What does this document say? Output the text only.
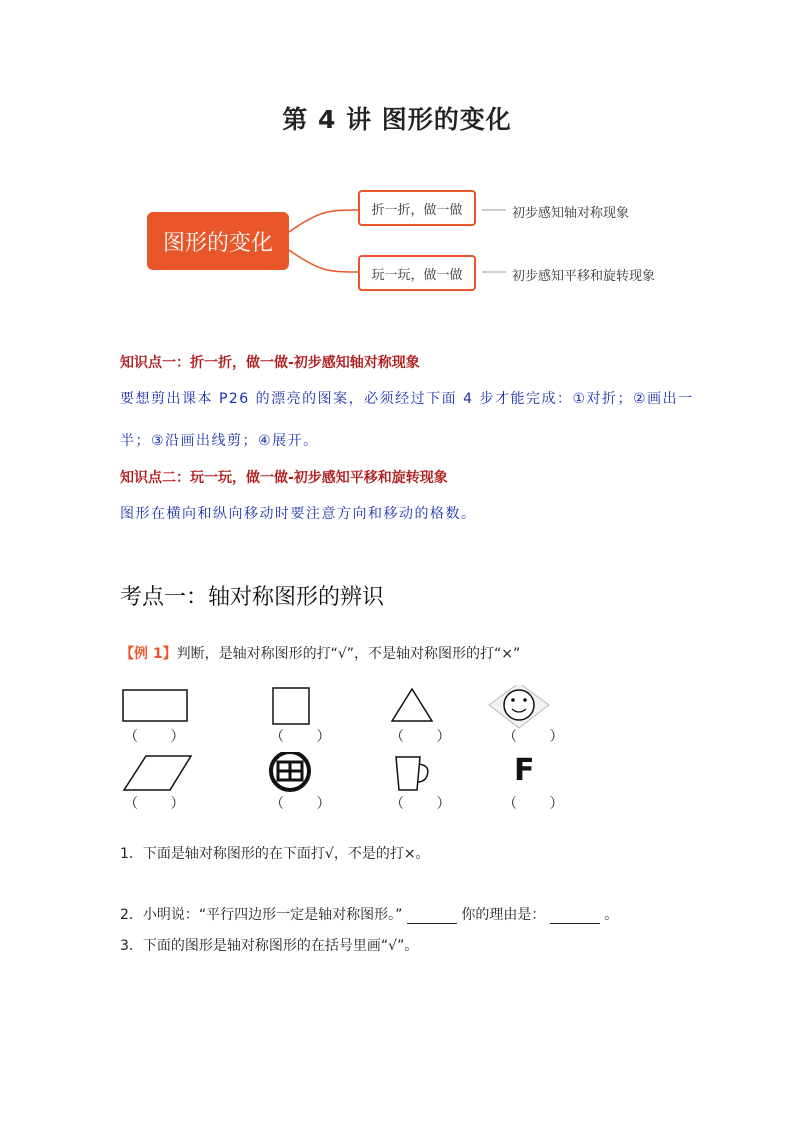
第 4 讲 图形的变化
图形的变化
折一折，做一做
玩一玩，做一做
初步感知轴对称现象
初步感知平移和旋转现象
知识点一：折一折，做一做-初步感知轴对称现象
要想剪出课本 P26 的漂亮的图案，必须经过下面 4 步才能完成：①对折；②画出一
半；③沿画出线剪；④展开。
知识点二：玩一玩，做一做-初步感知平移和旋转现象
图形在横向和纵向移动时要注意方向和移动的格数。
考点一：轴对称图形的辨识
【例 1】判断，是轴对称图形的打“√”，不是轴对称图形的打“×”
（ ）	（ ）	（ ）	（ ）
F
（ ）	（ ）	（ ）	（ ）
1．下面是轴对称图形的在下面打√，不是的打×。
2．小明说：“平行四边形一定是轴对称图形。”	你的理由是：	。
3．下面的图形是轴对称图形的在括号里画“√”。
